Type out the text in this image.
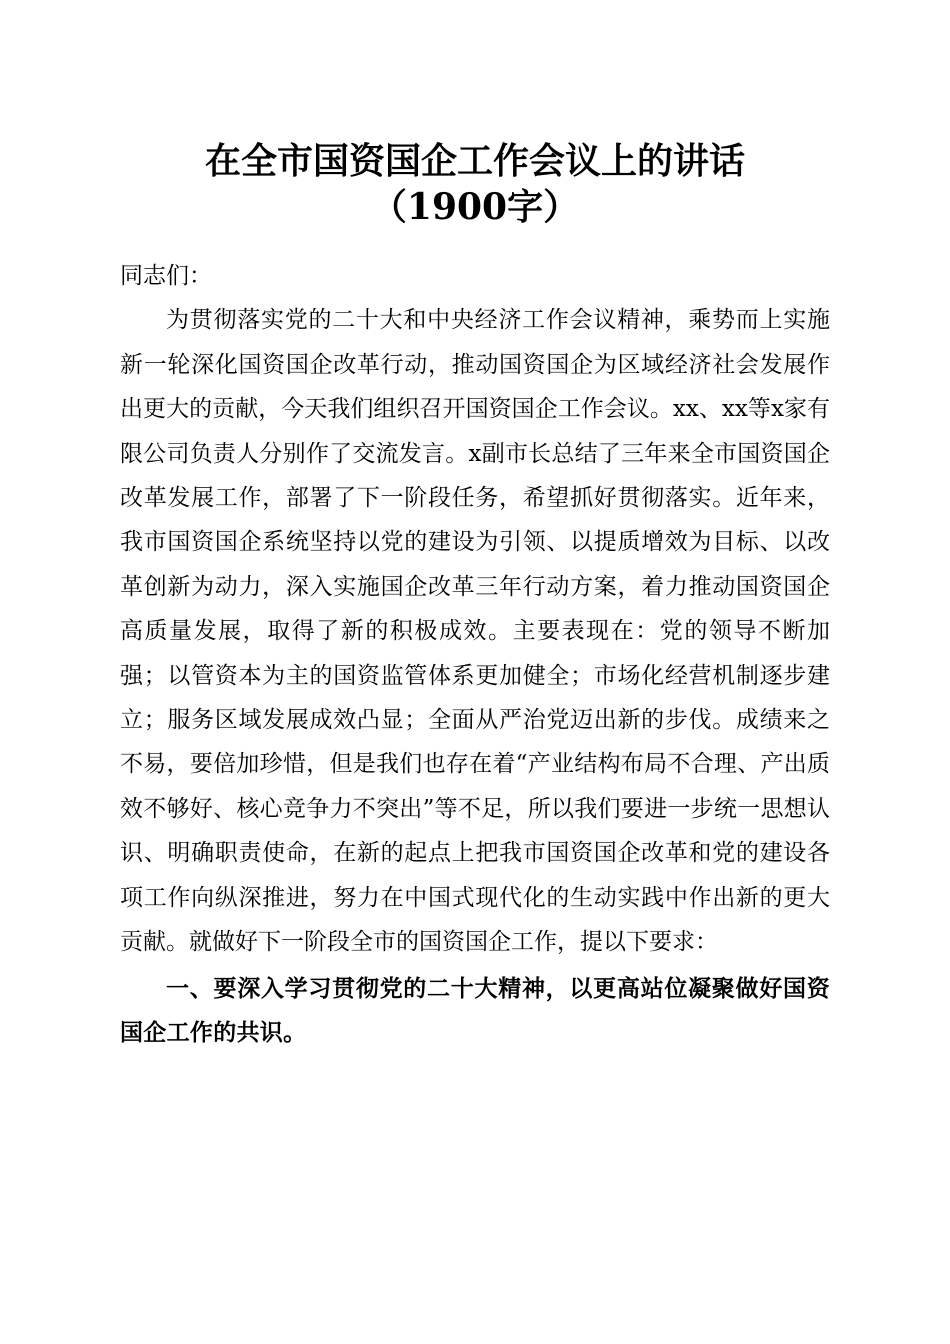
在全市国资国企工作会议上的讲话（1900字）

同志们：

为贯彻落实党的二十大和中央经济工作会议精神，乘势而上实施新一轮深化国资国企改革行动，推动国资国企为区域经济社会发展作出更大的贡献，今天我们组织召开国资国企工作会议。xx、xx等x家有限公司负责人分别作了交流发言。x副市长总结了三年来全市国资国企改革发展工作，部署了下一阶段任务，希望抓好贯彻落实。近年来，我市国资国企系统坚持以党的建设为引领、以提质增效为目标、以改革创新为动力，深入实施国企改革三年行动方案，着力推动国资国企高质量发展，取得了新的积极成效。主要表现在：党的领导不断加强；以管资本为主的国资监管体系更加健全；市场化经营机制逐步建立；服务区域发展成效凸显；全面从严治党迈出新的步伐。成绩来之不易，要倍加珍惜，但是我们也存在着“产业结构布局不合理、产出质效不够好、核心竞争力不突出”等不足，所以我们要进一步统一思想认识、明确职责使命，在新的起点上把我市国资国企改革和党的建设各项工作向纵深推进，努力在中国式现代化的生动实践中作出新的更大贡献。就做好下一阶段全市的国资国企工作，提以下要求：

一、要深入学习贯彻党的二十大精神，以更高站位凝聚做好国资国企工作的共识。
